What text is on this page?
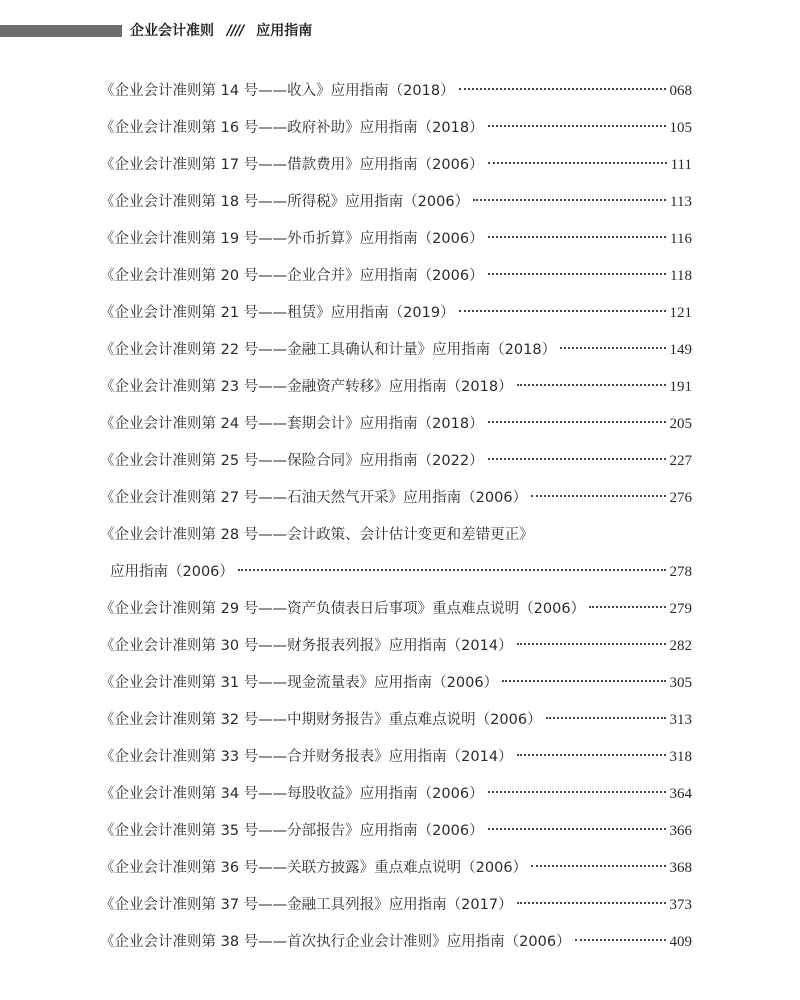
企业会计准则 //// 应用指南
《企业会计准则第 14 号——收入》应用指南（2018）	068
《企业会计准则第 16 号——政府补助》应用指南（2018）	105
《企业会计准则第 17 号——借款费用》应用指南（2006）	111
《企业会计准则第 18 号——所得税》应用指南（2006）	113
《企业会计准则第 19 号——外币折算》应用指南（2006）	116
《企业会计准则第 20 号——企业合并》应用指南（2006）	118
《企业会计准则第 21 号——租赁》应用指南（2019）	121
《企业会计准则第 22 号——金融工具确认和计量》应用指南（2018）	149
《企业会计准则第 23 号——金融资产转移》应用指南（2018）	191
《企业会计准则第 24 号——套期会计》应用指南（2018）	205
《企业会计准则第 25 号——保险合同》应用指南（2022）	227
《企业会计准则第 27 号——石油天然气开采》应用指南（2006）	276
《企业会计准则第 28 号——会计政策、会计估计变更和差错更正》
应用指南（2006）	278
《企业会计准则第 29 号——资产负债表日后事项》重点难点说明（2006）	279
《企业会计准则第 30 号——财务报表列报》应用指南（2014）	282
《企业会计准则第 31 号——现金流量表》应用指南（2006）	305
《企业会计准则第 32 号——中期财务报告》重点难点说明（2006）	313
《企业会计准则第 33 号——合并财务报表》应用指南（2014）	318
《企业会计准则第 34 号——每股收益》应用指南（2006）	364
《企业会计准则第 35 号——分部报告》应用指南（2006）	366
《企业会计准则第 36 号——关联方披露》重点难点说明（2006）	368
《企业会计准则第 37 号——金融工具列报》应用指南（2017）	373
《企业会计准则第 38 号——首次执行企业会计准则》应用指南（2006）	409
